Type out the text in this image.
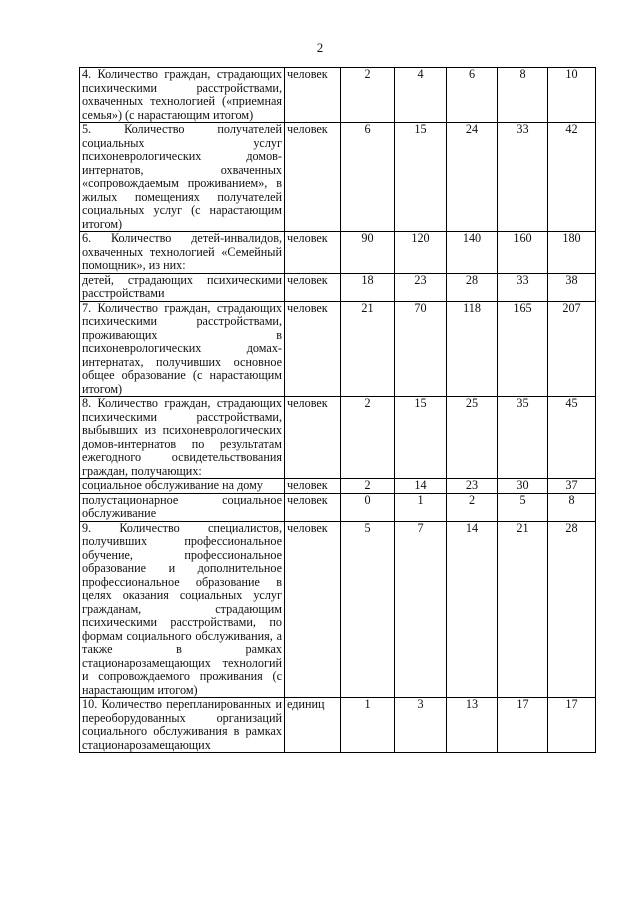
2
4. Количество граждан, страдающих психическими расстройствами, охваченных технологией («приемная семья») (с нарастающим итогом)	человек	2	4	6	8	10
5. Количество получателей социальных услуг психоневрологических домов-интернатов, охваченных «сопровождаемым проживанием», в жилых помещениях получателей социальных услуг (с нарастающим итогом)	человек	6	15	24	33	42
6. Количество детей-инвалидов, охваченных технологией «Семейный помощник», из них:	человек	90	120	140	160	180
детей, страдающих психическими расстройствами	человек	18	23	28	33	38
7. Количество граждан, страдающих психическими расстройствами, проживающих в психоневрологических домах-интернатах, получивших основное общее образование (с нарастающим итогом)	человек	21	70	118	165	207
8. Количество граждан, страдающих психическими расстройствами, выбывших из психоневрологических домов-интернатов по результатам ежегодного освидетельствования граждан, получающих:	человек	2	15	25	35	45
социальное обслуживание на дому	человек	2	14	23	30	37
полустационарное социальное обслуживание	человек	0	1	2	5	8
9. Количество специалистов, получивших профессиональное обучение, профессиональное образование и дополнительное профессиональное образование в целях оказания социальных услуг гражданам, страдающим психическими расстройствами, по формам социального обслуживания, а также в рамках стационарозамещающих технологий и сопровождаемого проживания (с нарастающим итогом)	человек	5	7	14	21	28
10. Количество перепланированных и переоборудованных организаций социального обслуживания в рамках стационарозамещающих	единиц	1	3	13	17	17
